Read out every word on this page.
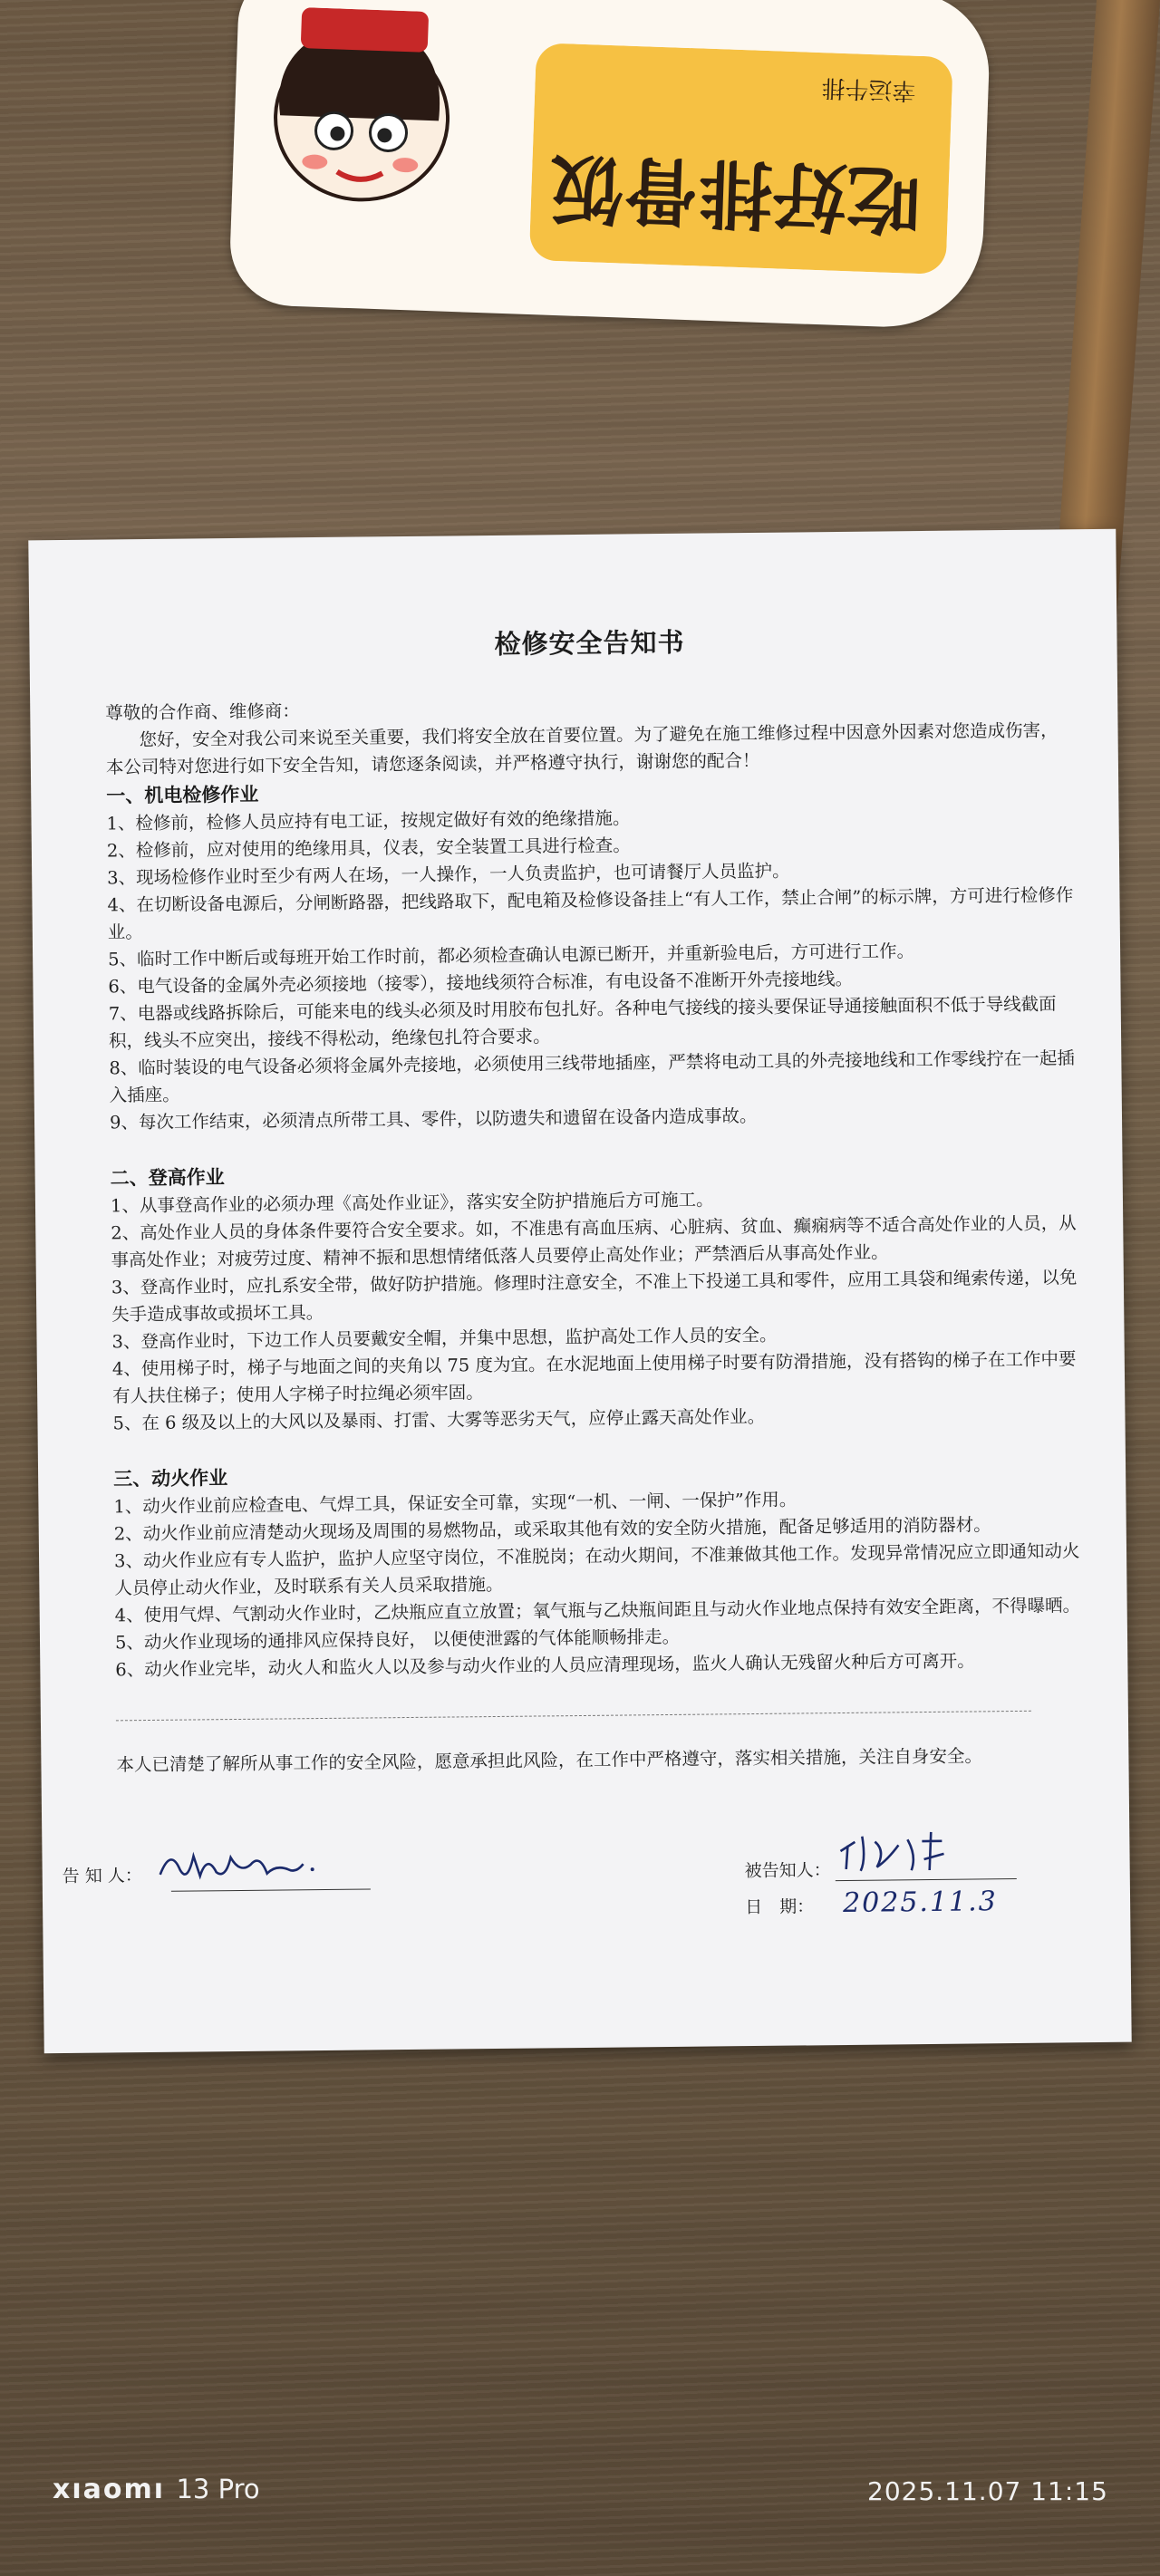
吃好排骨饭
幸运牛排

检修安全告知书

尊敬的合作商、维修商：

您好，安全对我公司来说至关重要，我们将安全放在首要位置。为了避免在施工维修过程中因意外因素对您造成伤害，本公司特对您进行如下安全告知，请您逐条阅读，并严格遵守执行，谢谢您的配合！

一、机电检修作业

1、检修前，检修人员应持有电工证，按规定做好有效的绝缘措施。

2、检修前，应对使用的绝缘用具，仪表，安全装置工具进行检查。

3、现场检修作业时至少有两人在场，一人操作，一人负责监护，也可请餐厅人员监护。

4、在切断设备电源后，分闸断路器，把线路取下，配电箱及检修设备挂上“有人工作，禁止合闸”的标示牌，方可进行检修作业。

5、临时工作中断后或每班开始工作时前，都必须检查确认电源已断开，并重新验电后，方可进行工作。

6、电气设备的金属外壳必须接地（接零），接地线须符合标准，有电设备不准断开外壳接地线。

7、电器或线路拆除后，可能来电的线头必须及时用胶布包扎好。各种电气接线的接头要保证导通接触面积不低于导线截面积，线头不应突出，接线不得松动，绝缘包扎符合要求。

8、临时装设的电气设备必须将金属外壳接地，必须使用三线带地插座，严禁将电动工具的外壳接地线和工作零线拧在一起插入插座。

9、每次工作结束，必须清点所带工具、零件，以防遗失和遗留在设备内造成事故。

二、登高作业

1、从事登高作业的必须办理《高处作业证》，落实安全防护措施后方可施工。

2、高处作业人员的身体条件要符合安全要求。如，不准患有高血压病、心脏病、贫血、癫痫病等不适合高处作业的人员，从事高处作业；对疲劳过度、精神不振和思想情绪低落人员要停止高处作业；严禁酒后从事高处作业。

3、登高作业时，应扎系安全带，做好防护措施。修理时注意安全，不准上下投递工具和零件，应用工具袋和绳索传递，以免失手造成事故或损坏工具。

3、登高作业时，下边工作人员要戴安全帽，并集中思想，监护高处工作人员的安全。

4、使用梯子时，梯子与地面之间的夹角以 75 度为宜。在水泥地面上使用梯子时要有防滑措施，没有搭钩的梯子在工作中要有人扶住梯子；使用人字梯子时拉绳必须牢固。

5、在 6 级及以上的大风以及暴雨、打雷、大雾等恶劣天气，应停止露天高处作业。

三、动火作业

1、动火作业前应检查电、气焊工具，保证安全可靠，实现“一机、一闸、一保护”作用。

2、动火作业前应清楚动火现场及周围的易燃物品，或采取其他有效的安全防火措施，配备足够适用的消防器材。

3、动火作业应有专人监护，监护人应坚守岗位，不准脱岗；在动火期间，不准兼做其他工作。发现异常情况应立即通知动火人员停止动火作业，及时联系有关人员采取措施。

4、使用气焊、气割动火作业时，乙炔瓶应直立放置；氧气瓶与乙炔瓶间距且与动火作业地点保持有效安全距离，不得曝晒。

5、动火作业现场的通排风应保持良好， 以便使泄露的气体能顺畅排走。

6、动火作业完毕，动火人和监火人以及参与动火作业的人员应清理现场，监火人确认无残留火种后方可离开。

本人已清楚了解所从事工作的安全风险，愿意承担此风险，在工作中严格遵守，落实相关措施，关注自身安全。

告 知 人：	被告知人：
日　期： 2025.11.3
xıaomı 13 Pro	2025.11.07 11:15
